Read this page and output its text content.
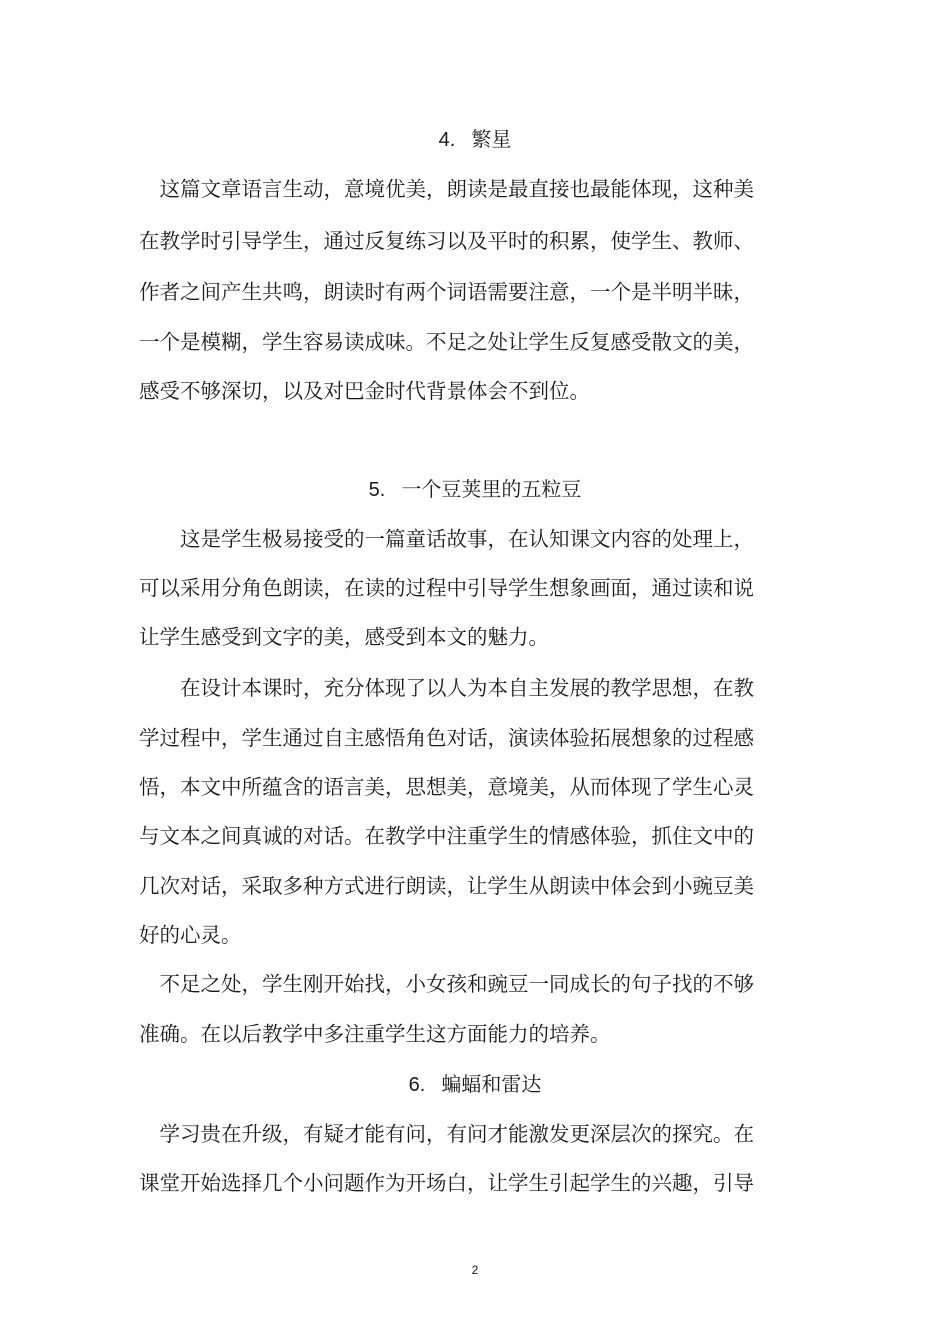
4. 繁星
　这篇文章语言生动，意境优美，朗读是最直接也最能体现，这种美
在教学时引导学生，通过反复练习以及平时的积累，使学生、教师、
作者之间产生共鸣，朗读时有两个词语需要注意，一个是半明半昧，
一个是模糊，学生容易读成味。不足之处让学生反复感受散文的美，
感受不够深切，以及对巴金时代背景体会不到位。
5. 一个豆荚里的五粒豆
　　这是学生极易接受的一篇童话故事，在认知课文内容的处理上，
可以采用分角色朗读，在读的过程中引导学生想象画面，通过读和说
让学生感受到文字的美，感受到本文的魅力。
　　在设计本课时，充分体现了以人为本自主发展的教学思想，在教
学过程中，学生通过自主感悟角色对话，演读体验拓展想象的过程感
悟，本文中所蕴含的语言美，思想美，意境美，从而体现了学生心灵
与文本之间真诚的对话。在教学中注重学生的情感体验，抓住文中的
几次对话，采取多种方式进行朗读，让学生从朗读中体会到小豌豆美
好的心灵。
　不足之处，学生刚开始找，小女孩和豌豆一同成长的句子找的不够
准确。在以后教学中多注重学生这方面能力的培养。
6. 蝙蝠和雷达
　学习贵在升级，有疑才能有问，有问才能激发更深层次的探究。在
课堂开始选择几个小问题作为开场白，让学生引起学生的兴趣，引导
2
